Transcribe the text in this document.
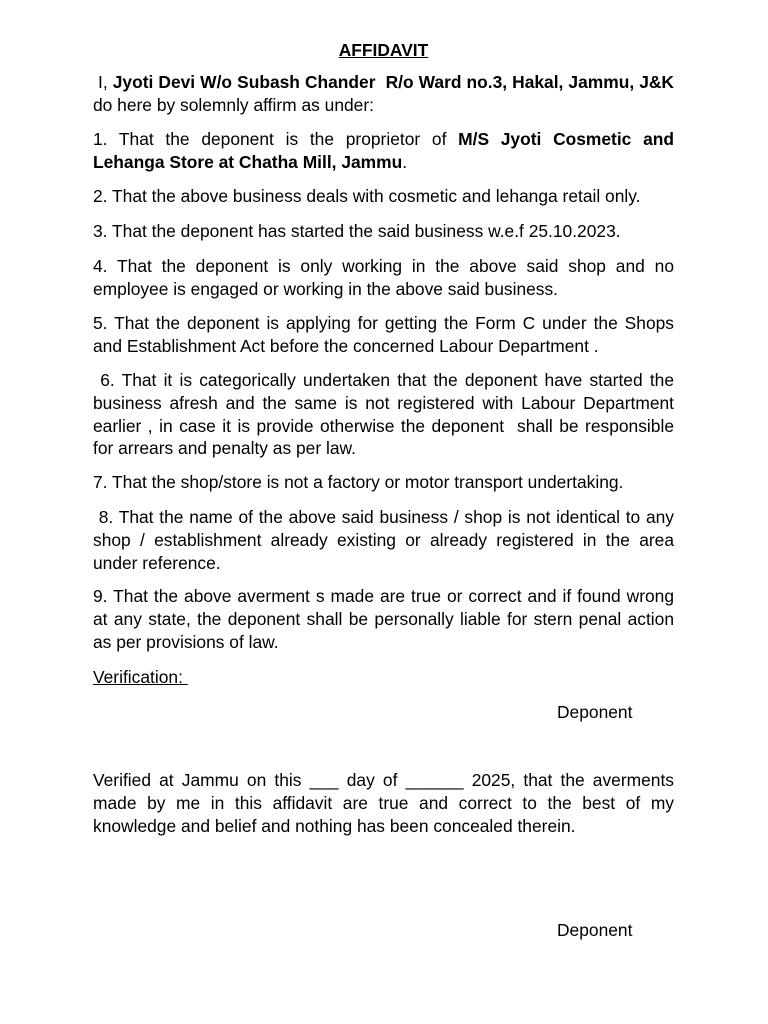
AFFIDAVIT

I, Jyoti Devi W/o Subash Chander  R/o Ward no.3, Hakal, Jammu, J&K do here by solemnly affirm as under:

1. That the deponent is the proprietor of M/S Jyoti Cosmetic and Lehanga Store at Chatha Mill, Jammu.

2. That the above business deals with cosmetic and lehanga retail only.

3. That the deponent has started the said business w.e.f 25.10.2023.

4. That the deponent is only working in the above said shop and no employee is engaged or working in the above said business.

5. That the deponent is applying for getting the Form C under the Shops and Establishment Act before the concerned Labour Department .

6. That it is categorically undertaken that the deponent have started the business afresh and the same is not registered with Labour Department earlier , in case it is provide otherwise the deponent  shall be responsible for arrears and penalty as per law.

7. That the shop/store is not a factory or motor transport undertaking.

8. That the name of the above said business / shop is not identical to any shop / establishment already existing or already registered in the area under reference.

9. That the above averment s made are true or correct and if found wrong at any state, the deponent shall be personally liable for stern penal action as per provisions of law.

Verification:
Deponent

Verified at Jammu on this ___ day of ______ 2025, that the averments made by me in this affidavit are true and correct to the best of my knowledge and belief and nothing has been concealed therein.

Deponent
